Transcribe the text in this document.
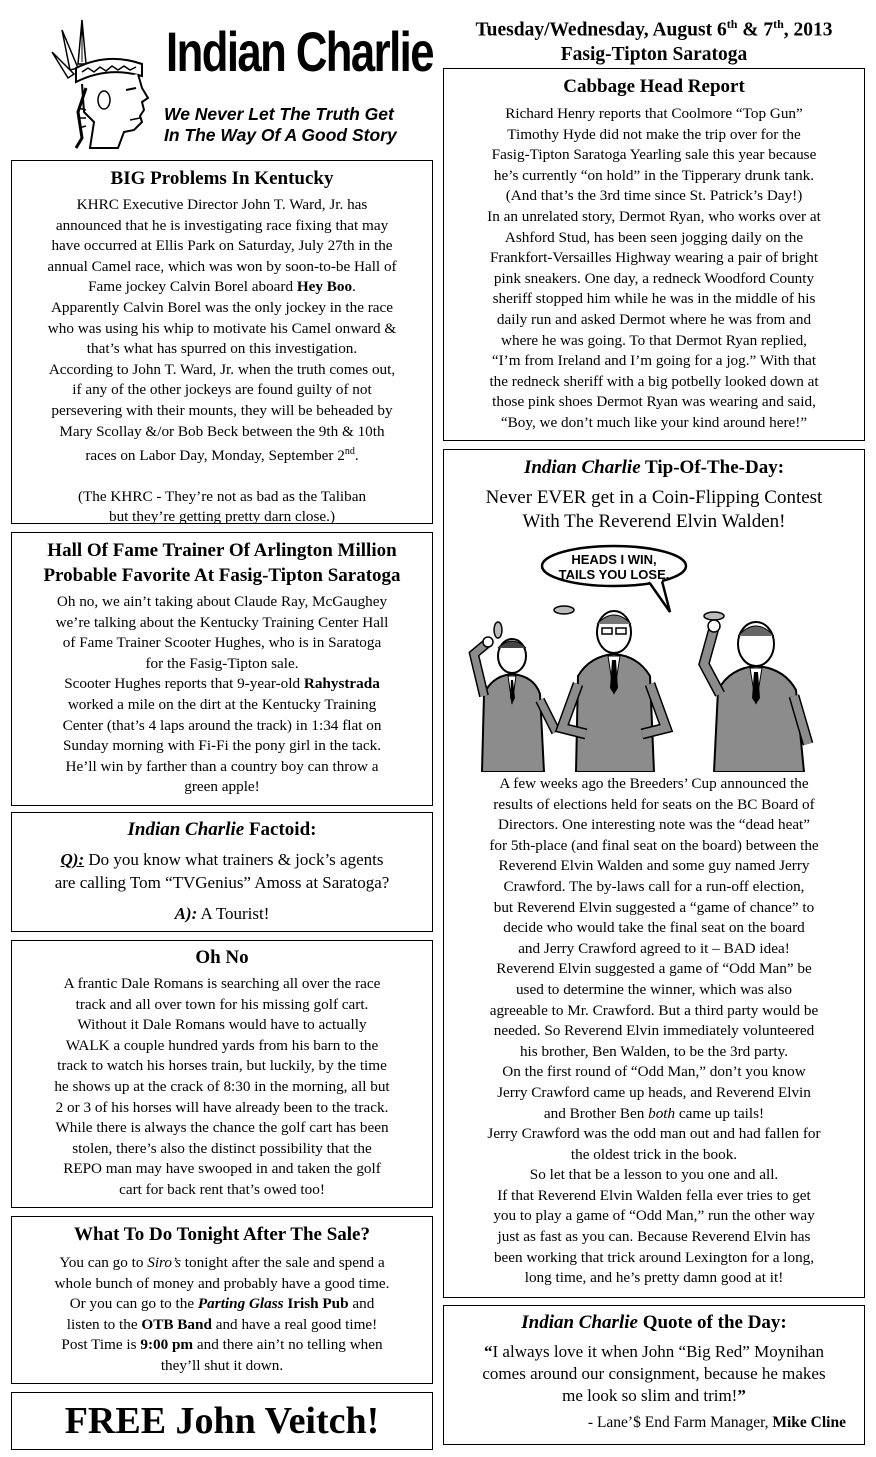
Indian Charlie
We Never Let The Truth Get
In The Way Of A Good Story
Tuesday/Wednesday, August 6th & 7th, 2013
Fasig-Tipton Saratoga
BIG Problems In Kentucky
KHRC Executive Director John T. Ward, Jr. has
announced that he is investigating race fixing that may
have occurred at Ellis Park on Saturday, July 27th in the
annual Camel race, which was won by soon-to-be Hall of
Fame jockey Calvin Borel aboard Hey Boo.
Apparently Calvin Borel was the only jockey in the race
who was using his whip to motivate his Camel onward &
that’s what has spurred on this investigation.
According to John T. Ward, Jr. when the truth comes out,
if any of the other jockeys are found guilty of not
persevering with their mounts, they will be beheaded by
Mary Scollay &/or Bob Beck between the 9th & 10th
races on Labor Day, Monday, September 2nd.
(The KHRC - They’re not as bad as the Taliban
but they’re getting pretty darn close.)
Hall Of Fame Trainer Of Arlington Million
Probable Favorite At Fasig-Tipton Saratoga
Oh no, we ain’t taking about Claude Ray, McGaughey
we’re talking about the Kentucky Training Center Hall
of Fame Trainer Scooter Hughes, who is in Saratoga
for the Fasig-Tipton sale.
Scooter Hughes reports that 9-year-old Rahystrada
worked a mile on the dirt at the Kentucky Training
Center (that’s 4 laps around the track) in 1:34 flat on
Sunday morning with Fi-Fi the pony girl in the tack.
He’ll win by farther than a country boy can throw a
green apple!
Indian Charlie Factoid:
Q): Do you know what trainers & jock’s agents
are calling Tom “TVGenius” Amoss at Saratoga?
A): A Tourist!
Oh No
A frantic Dale Romans is searching all over the race
track and all over town for his missing golf cart.
Without it Dale Romans would have to actually
WALK a couple hundred yards from his barn to the
track to watch his horses train, but luckily, by the time
he shows up at the crack of 8:30 in the morning, all but
2 or 3 of his horses will have already been to the track.
While there is always the chance the golf cart has been
stolen, there’s also the distinct possibility that the
REPO man may have swooped in and taken the golf
cart for back rent that’s owed too!
What To Do Tonight After The Sale?
You can go to Siro’s tonight after the sale and spend a
whole bunch of money and probably have a good time.
Or you can go to the Parting Glass Irish Pub and
listen to the OTB Band and have a real good time!
Post Time is 9:00 pm and there ain’t no telling when
they’ll shut it down.
FREE John Veitch!
Cabbage Head Report
Richard Henry reports that Coolmore “Top Gun”
Timothy Hyde did not make the trip over for the
Fasig-Tipton Saratoga Yearling sale this year because
he’s currently “on hold” in the Tipperary drunk tank.
(And that’s the 3rd time since St. Patrick’s Day!)
In an unrelated story, Dermot Ryan, who works over at
Ashford Stud, has been seen jogging daily on the
Frankfort-Versailles Highway wearing a pair of bright
pink sneakers. One day, a redneck Woodford County
sheriff stopped him while he was in the middle of his
daily run and asked Dermot where he was from and
where he was going. To that Dermot Ryan replied,
“I’m from Ireland and I’m going for a jog.” With that
the redneck sheriff with a big potbelly looked down at
those pink shoes Dermot Ryan was wearing and said,
“Boy, we don’t much like your kind around here!”
Indian Charlie Tip-Of-The-Day:
Never EVER get in a Coin-Flipping Contest
With The Reverend Elvin Walden!
HEADS I WIN,
TAILS YOU LOSE.
A few weeks ago the Breeders’ Cup announced the
results of elections held for seats on the BC Board of
Directors. One interesting note was the “dead heat”
for 5th-place (and final seat on the board) between the
Reverend Elvin Walden and some guy named Jerry
Crawford. The by-laws call for a run-off election,
but Reverend Elvin suggested a “game of chance” to
decide who would take the final seat on the board
and Jerry Crawford agreed to it – BAD idea!
Reverend Elvin suggested a game of “Odd Man” be
used to determine the winner, which was also
agreeable to Mr. Crawford. But a third party would be
needed. So Reverend Elvin immediately volunteered
his brother, Ben Walden, to be the 3rd party.
On the first round of “Odd Man,” don’t you know
Jerry Crawford came up heads, and Reverend Elvin
and Brother Ben both came up tails!
Jerry Crawford was the odd man out and had fallen for
the oldest trick in the book.
So let that be a lesson to you one and all.
If that Reverend Elvin Walden fella ever tries to get
you to play a game of “Odd Man,” run the other way
just as fast as you can. Because Reverend Elvin has
been working that trick around Lexington for a long,
long time, and he’s pretty damn good at it!
Indian Charlie Quote of the Day:
“I always love it when John “Big Red” Moynihan
comes around our consignment, because he makes
me look so slim and trim!”
- Lane’$ End Farm Manager, Mike Cline
